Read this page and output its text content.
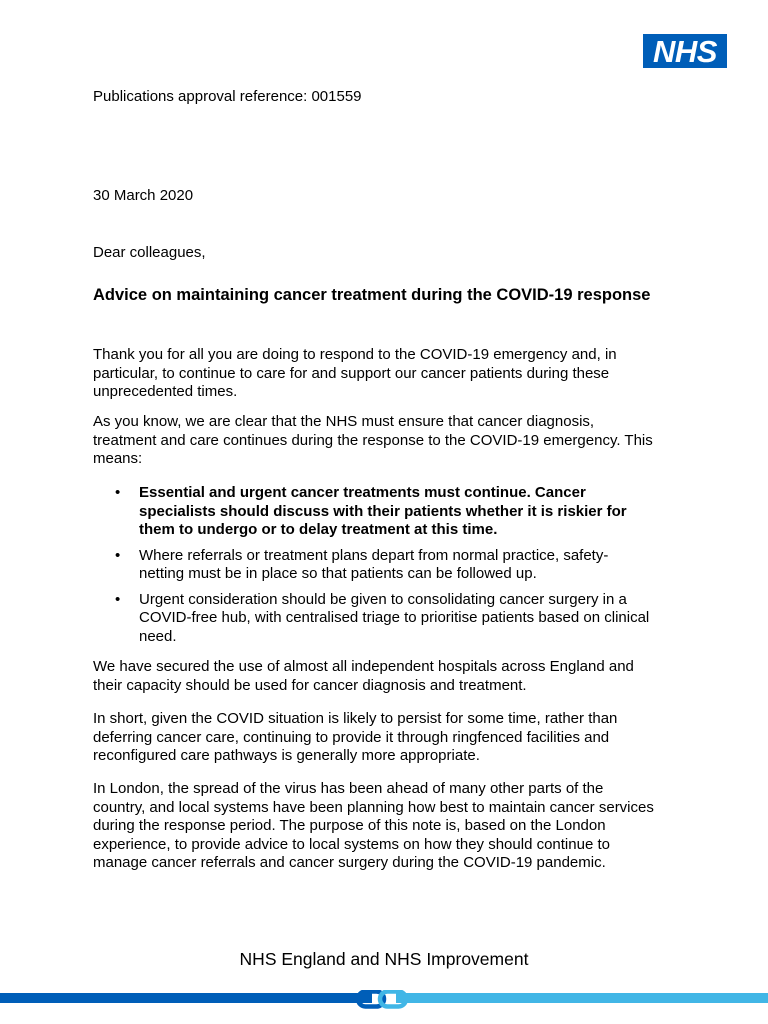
NHS
Publications approval reference: 001559
30 March 2020
Dear colleagues,
Advice on maintaining cancer treatment during the COVID-19 response
Thank you for all you are doing to respond to the COVID-19 emergency and, in particular, to continue to care for and support our cancer patients during these unprecedented times.
As you know, we are clear that the NHS must ensure that cancer diagnosis, treatment and care continues during the response to the COVID-19 emergency. This means:
• Essential and urgent cancer treatments must continue. Cancer specialists should discuss with their patients whether it is riskier for them to undergo or to delay treatment at this time.
• Where referrals or treatment plans depart from normal practice, safety-netting must be in place so that patients can be followed up.
• Urgent consideration should be given to consolidating cancer surgery in a COVID-free hub, with centralised triage to prioritise patients based on clinical need.
We have secured the use of almost all independent hospitals across England and their capacity should be used for cancer diagnosis and treatment.
In short, given the COVID situation is likely to persist for some time, rather than deferring cancer care, continuing to provide it through ringfenced facilities and reconfigured care pathways is generally more appropriate.
In London, the spread of the virus has been ahead of many other parts of the country, and local systems have been planning how best to maintain cancer services during the response period. The purpose of this note is, based on the London experience, to provide advice to local systems on how they should continue to manage cancer referrals and cancer surgery during the COVID-19 pandemic.
NHS England and NHS Improvement
